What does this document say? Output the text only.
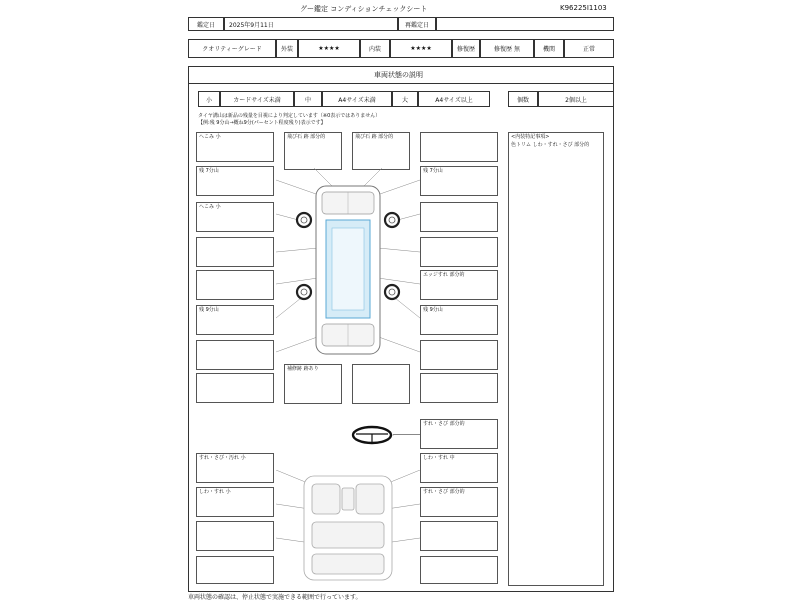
グー鑑定 コンディションチェックシート	K96225I1103
鑑定日	2025年9月11日	再鑑定日
クオリティーグレード	外装	★★★★	内装	★★★★	修復歴	修復歴 無	機関	正常
車両状態の説明
小	カードサイズ未満	中	A4サイズ未満	大	A4サイズ以上	個数	2個以上
タイヤ溝山は新品の残量を目視により判定しています（※0表示ではありません）
【例:残 9分山→概ね9分(パーセント程度残り)表示です】
<内装特記事項>
色トリム しわ・すれ・さび 部分的
へこみ 小
残 7分山
へこみ 小
残 9分山
すれ・さび・汚れ 小
しわ・すれ 小
飛び石 跡 部分的	飛び石 跡 部分的
残 7分山
エッジすれ 部分的
残 9分山
すれ・さび 部分的
しわ・すれ 中
すれ・さび 部分的
補修跡 跡あり
車両状態の確認は、停止状態で実施できる範囲で行っています。
